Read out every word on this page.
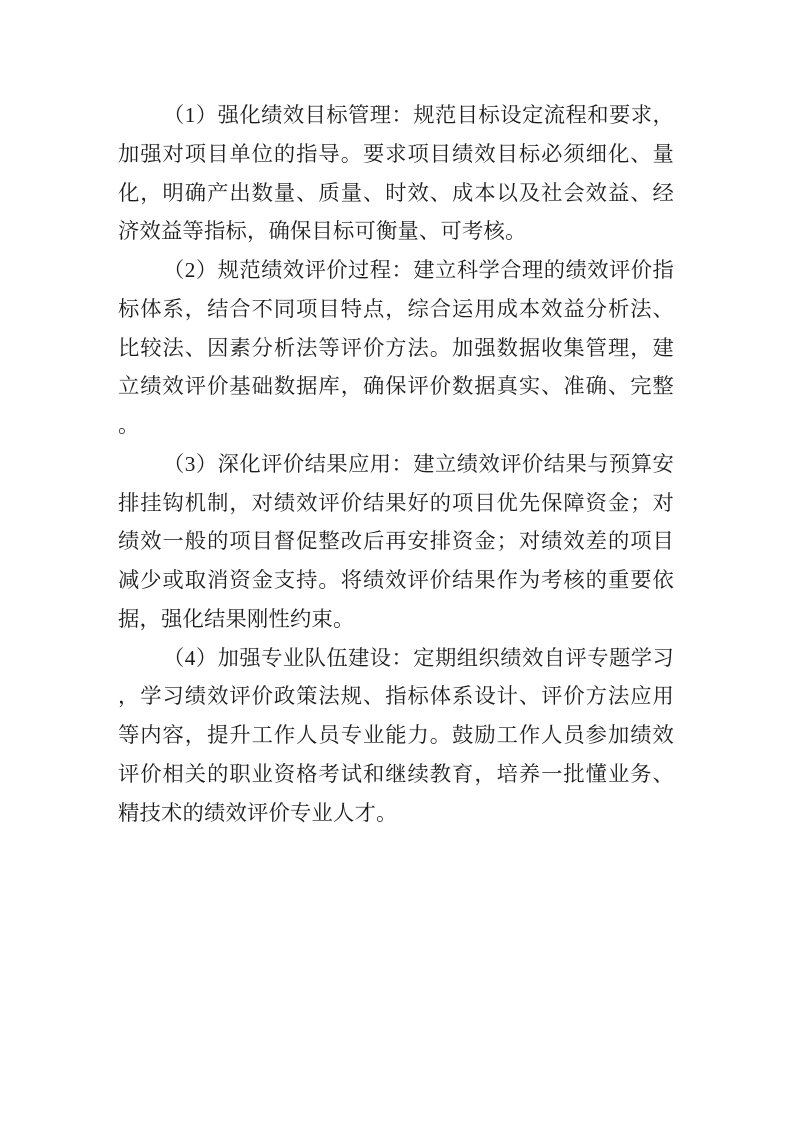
（1）强化绩效目标管理：规范目标设定流程和要求，加强对项目单位的指导。要求项目绩效目标必须细化、量化，明确产出数量、质量、时效、成本以及社会效益、经济效益等指标，确保目标可衡量、可考核。

（2）规范绩效评价过程：建立科学合理的绩效评价指标体系，结合不同项目特点，综合运用成本效益分析法、比较法、因素分析法等评价方法。加强数据收集管理，建立绩效评价基础数据库，确保评价数据真实、准确、完整。

（3）深化评价结果应用：建立绩效评价结果与预算安排挂钩机制，对绩效评价结果好的项目优先保障资金；对绩效一般的项目督促整改后再安排资金；对绩效差的项目减少或取消资金支持。将绩效评价结果作为考核的重要依据，强化结果刚性约束。

（4）加强专业队伍建设：定期组织绩效自评专题学习，学习绩效评价政策法规、指标体系设计、评价方法应用等内容，提升工作人员专业能力。鼓励工作人员参加绩效评价相关的职业资格考试和继续教育，培养一批懂业务、精技术的绩效评价专业人才。
